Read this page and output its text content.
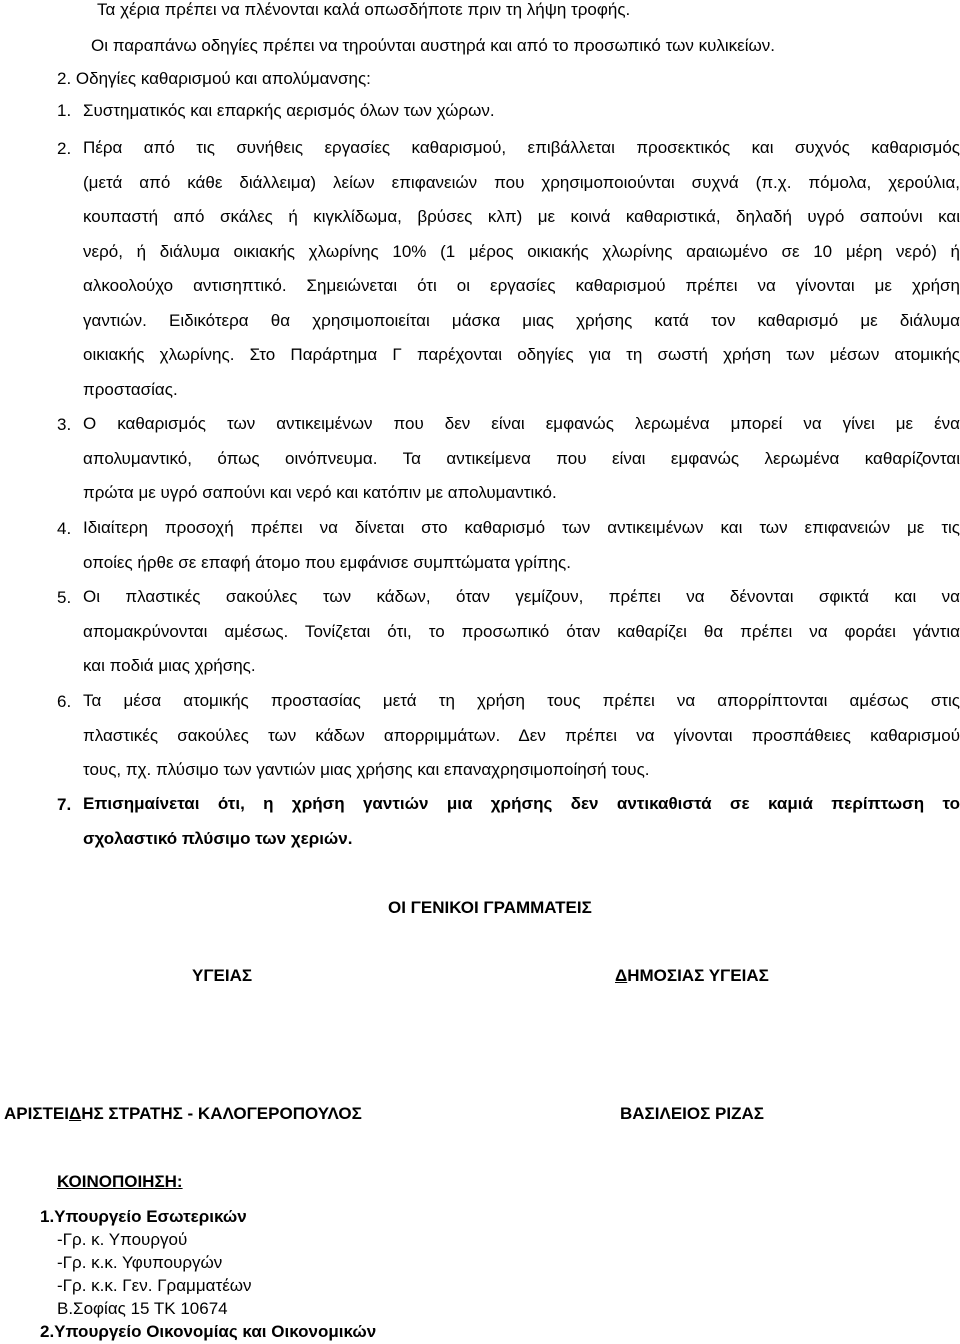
Τα χέρια πρέπει να πλένονται καλά οπωσδήποτε πριν τη λήψη τροφής.
Οι παραπάνω οδηγίες πρέπει να τηρούνται αυστηρά και από το προσωπικό των κυλικείων.
2. Οδηγίες καθαρισμού και απολύμανσης:
1. Συστηματικός και επαρκής αερισμός όλων των χώρων.
2. Πέρα από τις συνήθεις εργασίες καθαρισμού, επιβάλλεται προσεκτικός και συχνός καθαρισμός
(μετά από κάθε διάλλειμα) λείων επιφανειών που χρησιμοποιούνται συχνά (π.χ. πόμολα, χερούλια,
κουπαστή από σκάλες ή κιγκλίδωμα, βρύσες κλπ) με κοινά καθαριστικά, δηλαδή υγρό σαπούνι και
νερό, ή διάλυμα οικιακής χλωρίνης 10% (1 μέρος οικιακής χλωρίνης αραιωμένο σε 10 μέρη νερό) ή
αλκοολούχο αντισηπτικό. Σημειώνεται ότι οι εργασίες καθαρισμού πρέπει να γίνονται με χρήση
γαντιών. Ειδικότερα θα χρησιμοποιείται μάσκα μιας χρήσης κατά τον καθαρισμό με διάλυμα
οικιακής χλωρίνης. Στο Παράρτημα Γ παρέχονται οδηγίες για τη σωστή χρήση των μέσων ατομικής
προστασίας.
3. Ο καθαρισμός των αντικειμένων που δεν είναι εμφανώς λερωμένα μπορεί να γίνει με ένα
απολυμαντικό, όπως οινόπνευμα. Τα αντικείμενα που είναι εμφανώς λερωμένα καθαρίζονται
πρώτα με υγρό σαπούνι και νερό και κατόπιν με απολυμαντικό.
4. Ιδιαίτερη προσοχή πρέπει να δίνεται στο καθαρισμό των αντικειμένων και των επιφανειών με τις
οποίες ήρθε σε επαφή άτομο που εμφάνισε συμπτώματα γρίπης.
5. Οι πλαστικές σακούλες των κάδων, όταν γεμίζουν, πρέπει να δένονται σφικτά και να
απομακρύνονται αμέσως. Τονίζεται ότι, το προσωπικό όταν καθαρίζει θα πρέπει να φοράει γάντια
και ποδιά μιας χρήσης.
6. Τα μέσα ατομικής προστασίας μετά τη χρήση τους πρέπει να απορρίπτονται αμέσως στις
πλαστικές σακούλες των κάδων απορριμμάτων. Δεν πρέπει να γίνονται προσπάθειες καθαρισμού
τους, πχ. πλύσιμο των γαντιών μιας χρήσης και επαναχρησιμοποίησή τους.
7. Επισημαίνεται ότι, η χρήση γαντιών μια χρήσης δεν αντικαθιστά σε καμιά περίπτωση το
σχολαστικό πλύσιμο των χεριών.
ΟΙ ΓΕΝΙΚΟΙ ΓΡΑΜΜΑΤΕΙΣ
ΥΓΕΙΑΣ	ΔΗΜΟΣΙΑΣ ΥΓΕΙΑΣ
ΑΡΙΣΤΕΙΔΗΣ ΣΤΡΑΤΗΣ - ΚΑΛΟΓΕΡΟΠΟΥΛΟΣ	ΒΑΣΙΛΕΙΟΣ ΡΙΖΑΣ
ΚΟΙΝΟΠΟΙΗΣΗ:
1.Υπουργείο Εσωτερικών
-Γρ. κ. Υπουργού
-Γρ. κ.κ. Υφυπουργών
-Γρ. κ.κ. Γεν. Γραμματέων
Β.Σοφίας 15 ΤΚ 10674
2.Υπουργείο Οικονομίας και Οικονομικών
